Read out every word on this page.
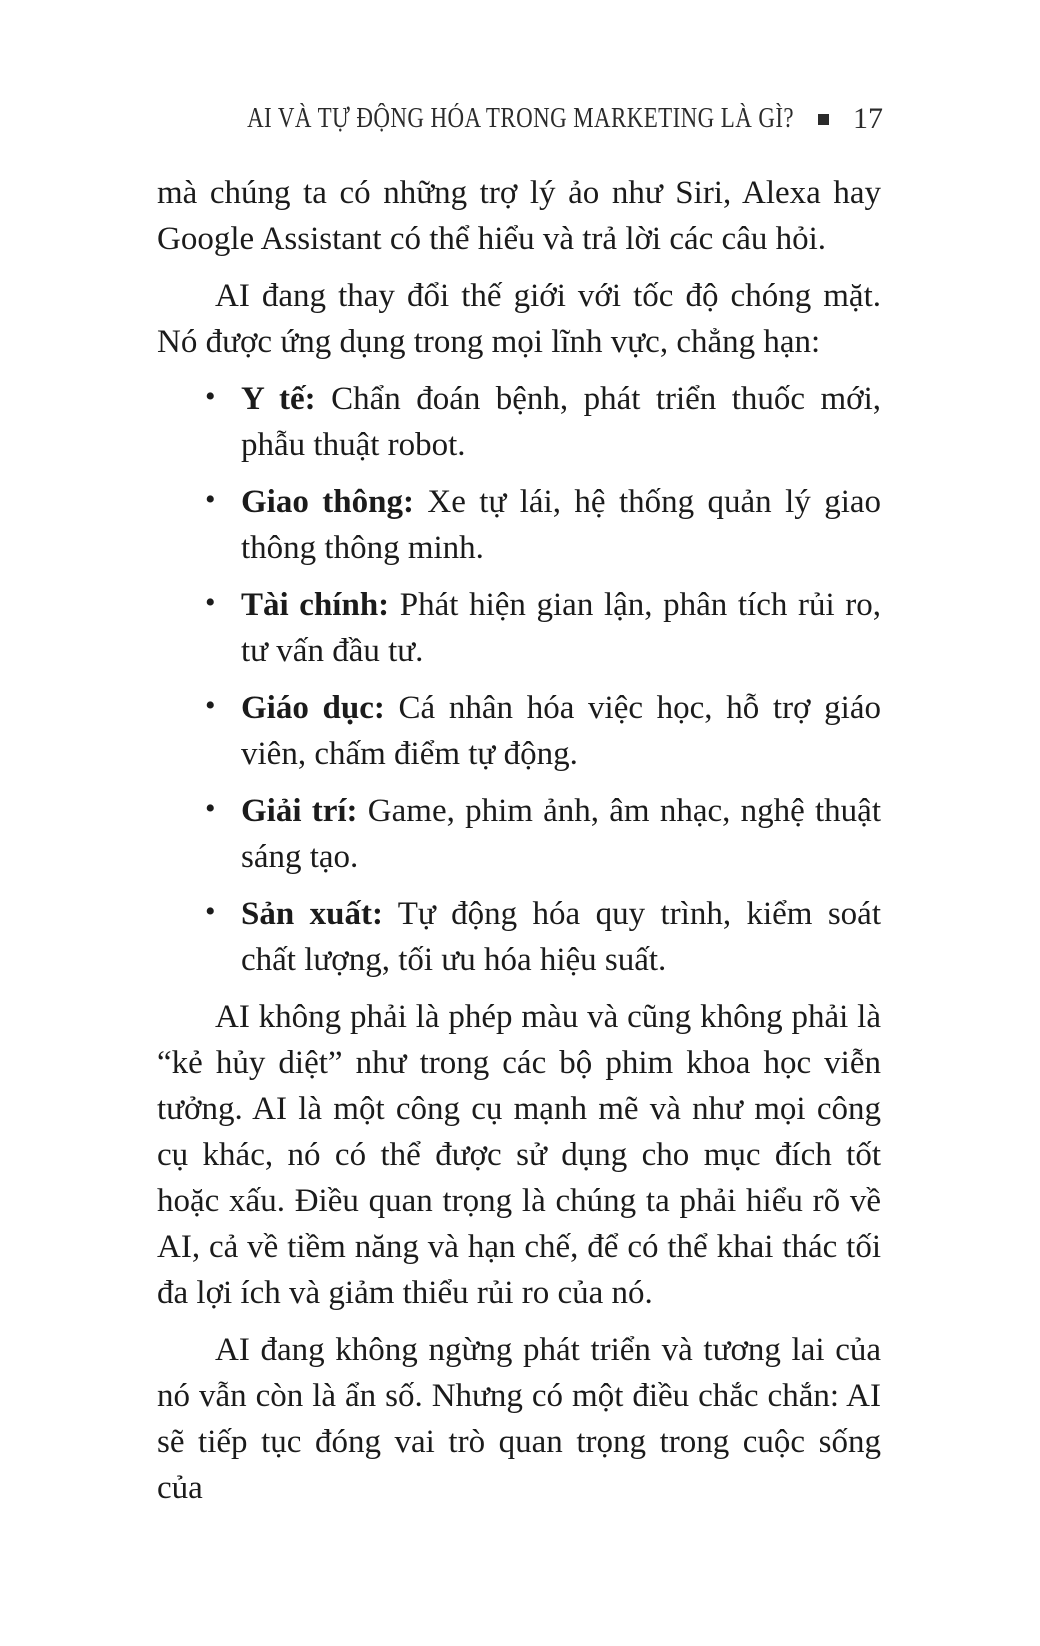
AI VÀ TỰ ĐỘNG HÓA TRONG MARKETING LÀ GÌ? 17

mà chúng ta có những trợ lý ảo như Siri, Alexa hay Google Assistant có thể hiểu và trả lời các câu hỏi.

AI đang thay đổi thế giới với tốc độ chóng mặt. Nó được ứng dụng trong mọi lĩnh vực, chẳng hạn:

• Y tế: Chẩn đoán bệnh, phát triển thuốc mới, phẫu thuật robot.
• Giao thông: Xe tự lái, hệ thống quản lý giao thông thông minh.
• Tài chính: Phát hiện gian lận, phân tích rủi ro, tư vấn đầu tư.
• Giáo dục: Cá nhân hóa việc học, hỗ trợ giáo viên, chấm điểm tự động.
• Giải trí: Game, phim ảnh, âm nhạc, nghệ thuật sáng tạo.
• Sản xuất: Tự động hóa quy trình, kiểm soát chất lượng, tối ưu hóa hiệu suất.

AI không phải là phép màu và cũng không phải là “kẻ hủy diệt” như trong các bộ phim khoa học viễn tưởng. AI là một công cụ mạnh mẽ và như mọi công cụ khác, nó có thể được sử dụng cho mục đích tốt hoặc xấu. Điều quan trọng là chúng ta phải hiểu rõ về AI, cả về tiềm năng và hạn chế, để có thể khai thác tối đa lợi ích và giảm thiểu rủi ro của nó.

AI đang không ngừng phát triển và tương lai của nó vẫn còn là ẩn số. Nhưng có một điều chắc chắn: AI sẽ tiếp tục đóng vai trò quan trọng trong cuộc sống của
